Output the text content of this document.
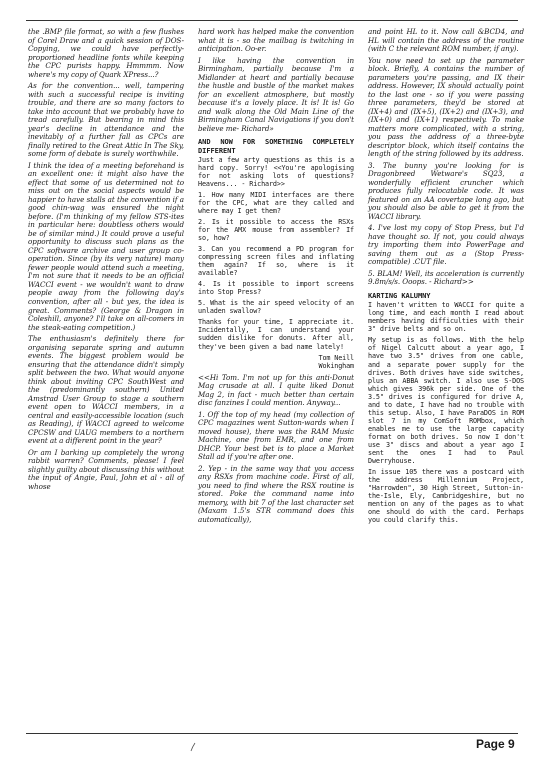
the .BMP file format, so with a few flushes of Corel Draw and a quick session of DOS-Copying, we could have perfectly-proportioned headline fonts while keeping the CPC purists happy. Hmmmm. Now where's my copy of Quark XPress...?

As for the convention... well, tampering with such a successful recipe is inviting trouble, and there are so many factors to take into account that we probably have to tread carefully. But bearing in mind this year's decline in attendance and the inevitably of a further fall as CPCs are finally retired to the Great Attic In The Sky, some form of debate is surely worthwhile.

I think the idea of a meeting beforehand is an excellent one: it might also have the effect that some of us determined not to miss out on the social aspects would be happier to have stalls at the convention if a good chin-wag was ensured the night before. (I'm thinking of my fellow STS-ites in particular here: doubtless others would be of similar mind.) It could prove a useful opportunity to discuss such plans as the CPC software archive and user group co-operation. Since (by its very nature) many fewer people would attend such a meeting, I'm not sure that it needs to be an official WACCI event - we wouldn't want to draw people away from the following day's convention, after all - but yes, the idea is great. Comments? (George & Dragon in Coleshill, anyone? I'll take on all-comers in the steak-eating competition.)

The enthusiasm's definitely there for organising separate spring and autumn events. The biggest problem would be ensuring that the attendance didn't simply split between the two. What would anyone think about inviting CPC SouthWest and the (predominantly southern) United Amstrad User Group to stage a southern event open to WACCI members, in a central and easily-accessible location (such as Reading), if WACCI agreed to welcome CPCSW and UAUG members to a northern event at a different point in the year?

Or am I barking up completely the wrong rabbit warren? Comments, please! I feel slightly guilty about discussing this without the input of Angie, Paul, John et al - all of whose

hard work has helped make the convention what it is - so the mailbag is twitching in anticipation. Oo-er.

I like having the convention in Birmingham, partially because I'm a Midlander at heart and partially because the hustle and bustle of the market makes for an excellent atmosphere, but mostly because it's a lovely place. It is! It is! Go and walk along the Old Main Line of the Birmingham Canal Navigations if you don't believe me- Richard»

AND NOW FOR SOMETHING COMPLETELY DIFFERENT

Just a few arty questions as this is a hard copy. Sorry! <<You're apologising for not asking lots of questions? Heavens... - Richard>>

1. How many MIDI interfaces are there for the CPC, what are they called and where may I get them?

2. Is it possible to access the RSXs for the AMX mouse from assembler? If so, how?

3. Can you recommend a PD program for compressing screen files and inflating them again? If so, where is it available?

4. Is it possible to import screens into Stop Press?

5. What is the air speed velocity of an unladen swallow?

Thanks for your time, I appreciate it. Incidentally, I can understand your sudden dislike for donuts. After all, they've been given a bad name lately!

Tom Neill
Wokingham

<<Hi Tom. I'm not up for this anti-Donut Mag crusade at all. I quite liked Donut Mag 2, in fact - much better than certain disc fanzines I could mention. Anyway...

1. Off the top of my head (my collection of CPC magazines went Sutton-wards when I moved house), there was the RAM Music Machine, one from EMR, and one from DHCP. Your best bet is to place a Market Stall ad if you're after one.

2. Yep - in the same way that you access any RSXs from machine code. First of all, you need to find where the RSX routine is stored. Poke the command name into memory, with bit 7 of the last character set (Maxam 1.5's STR command does this automatically),

and point HL to it. Now call &BCD4, and HL will contain the address of the routine (with C the relevant ROM number, if any).

You now need to set up the parameter block. Briefly, A contains the number of parameters you're passing, and IX their address. However, IX should actually point to the last one - so if you were passing three parameters, they'd be stored at (IX+4) and (IX+5), (IX+2) and (IX+3), and (IX+0) and (IX+1) respectively. To make matters more complicated, with a string, you pass the address of a three-byte descriptor block, which itself contains the length of the string followed by its address.

3. The bunny you're looking for is Dragonbreed Wetware's SQ23, a wonderfully efficient cruncher which produces fully relocatable code. It was featured on an AA covertape long ago, but you should also be able to get it from the WACCI library.

4. I've lost my copy of Stop Press, but I'd have thought so. If not, you could always try importing them into PowerPage and saving them out as a (Stop Press-compatible) .CUT file.

5. BLAM! Well, its acceleration is currently 9.8m/s/s. Ooops. - Richard>>

KARTING KALUMNY

I haven't written to WACCI for quite a long time, and each month I read about members having difficulties with their 3" drive belts and so on.

My setup is as follows. With the help of Nigel Calcutt about a year ago, I have two 3.5" drives from one cable, and a separate power supply for the drives. Both drives have side switches, plus an ABBA switch. I also use S-DOS which gives 396k per side. One of the 3.5" drives is configured for drive A, and to date, I have had no trouble with this setup. Also, I have ParaDOS in ROM slot 7 in my ComSoft ROMbox, which enables me to use the large capacity format on both drives. So now I don't use 3" discs and about a year ago I sent the ones I had to Paul Dwerryhouse.

In issue 105 there was a postcard with the address Millennium Project, "Harrowden", 30 High Street, Sutton-in-the-Isle, Ely, Cambridgeshire, but no mention on any of the pages as to what one should do with the card. Perhaps you could clarify this.

Page 9
